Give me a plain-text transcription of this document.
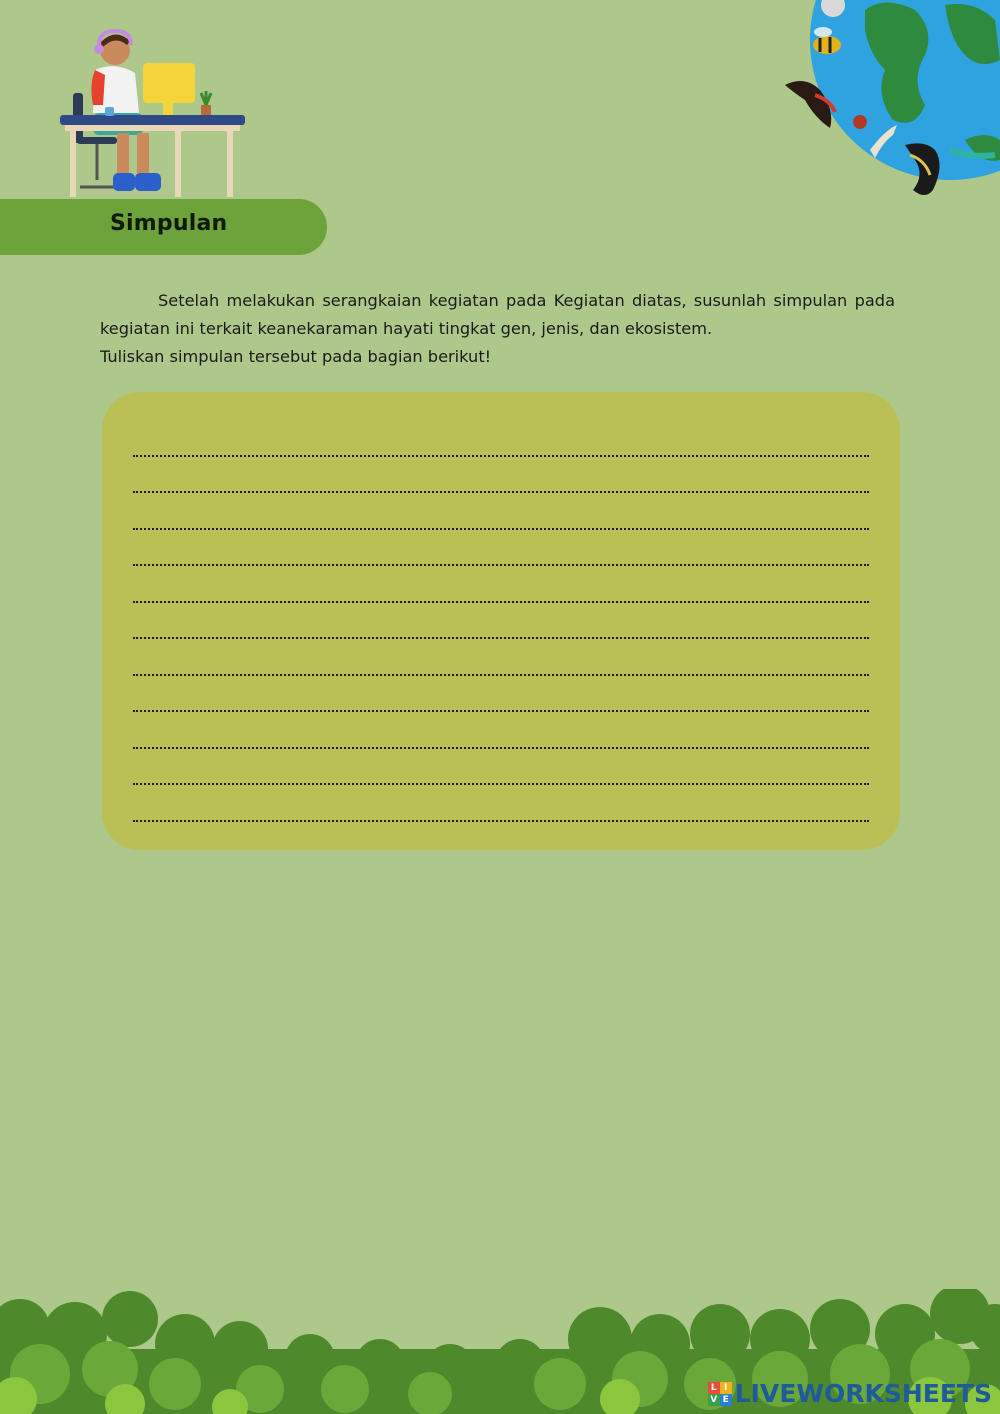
Simpulan

Setelah melakukan serangkaian kegiatan pada Kegiatan diatas, susunlah simpulan pada kegiatan ini terkait keanekaraman hayati tingkat gen, jenis, dan ekosistem.

Tuliskan simpulan tersebut pada bagian berikut!

L I
V E LIVEWORKSHEETS
